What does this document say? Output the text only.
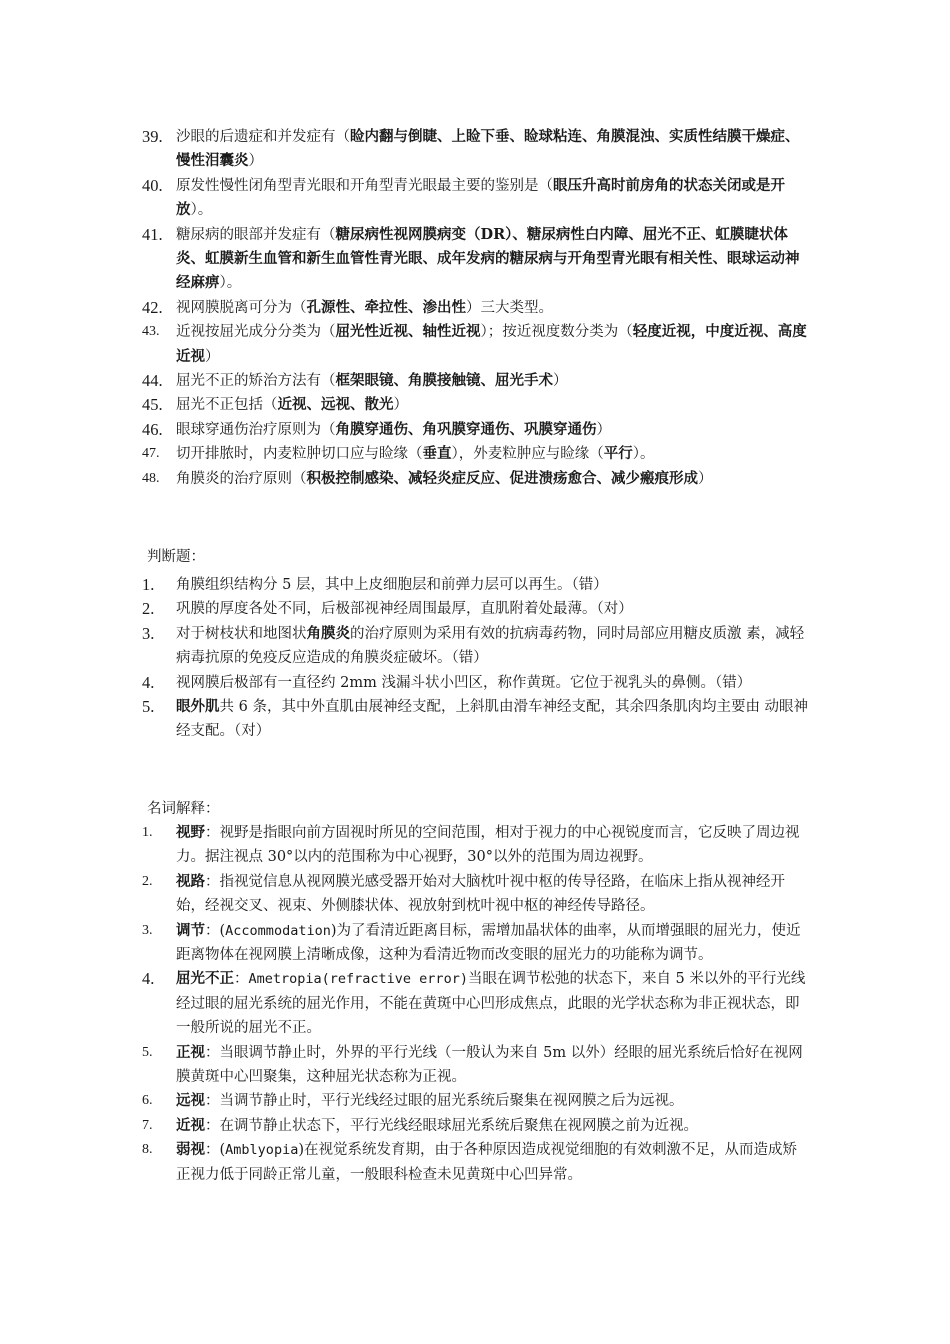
39. 沙眼的后遗症和并发症有（睑内翻与倒睫、上睑下垂、睑球粘连、角膜混浊、实质性结膜干燥症、慢性泪囊炎）

40. 原发性慢性闭角型青光眼和开角型青光眼最主要的鉴别是（眼压升高时前房角的状态关闭或是开放）。

41. 糖尿病的眼部并发症有（糖尿病性视网膜病变（DR）、糖尿病性白内障、屈光不正、虹膜睫状体炎、虹膜新生血管和新生血管性青光眼、成年发病的糖尿病与开角型青光眼有相关性、眼球运动神经麻痹）。

42. 视网膜脱离可分为（孔源性、牵拉性、渗出性）三大类型。

43. 近视按屈光成分分类为（屈光性近视、轴性近视）；按近视度数分类为（轻度近视，中度近视、高度近视）

44. 屈光不正的矫治方法有（框架眼镜、角膜接触镜、屈光手术）

45. 屈光不正包括（近视、远视、散光）

46. 眼球穿通伤治疗原则为（角膜穿通伤、角巩膜穿通伤、巩膜穿通伤）

47. 切开排脓时，内麦粒肿切口应与睑缘（垂直），外麦粒肿应与睑缘（平行）。

48. 角膜炎的治疗原则（积极控制感染、减轻炎症反应、促进溃疡愈合、减少瘢痕形成）

判断题：

1. 角膜组织结构分 5 层，其中上皮细胞层和前弹力层可以再生。（错）

2. 巩膜的厚度各处不同，后极部视神经周围最厚，直肌附着处最薄。（对）

3. 对于树枝状和地图状角膜炎的治疗原则为采用有效的抗病毒药物，同时局部应用糖皮质激 素，减轻病毒抗原的免疫反应造成的角膜炎症破坏。（错）

4. 视网膜后极部有一直径约 2mm 浅漏斗状小凹区，称作黄斑。它位于视乳头的鼻侧。（错）

5. 眼外肌共 6 条，其中外直肌由展神经支配，上斜肌由滑车神经支配，其余四条肌肉均主要由 动眼神经支配。（对）

名词解释：

1. 视野：视野是指眼向前方固视时所见的空间范围，相对于视力的中心视锐度而言，它反映了周边视力。据注视点 30°以内的范围称为中心视野，30°以外的范围为周边视野。

2. 视路：指视觉信息从视网膜光感受器开始对大脑枕叶视中枢的传导径路，在临床上指从视神经开始，经视交叉、视束、外侧膝状体、视放射到枕叶视中枢的神经传导路径。

3. 调节：(Accommodation)为了看清近距离目标，需增加晶状体的曲率，从而增强眼的屈光力，使近距离物体在视网膜上清晰成像，这种为看清近物而改变眼的屈光力的功能称为调节。

4. 屈光不正：Ametropia(refractive error)当眼在调节松弛的状态下，来自 5 米以外的平行光线经过眼的屈光系统的屈光作用，不能在黄斑中心凹形成焦点，此眼的光学状态称为非正视状态，即一般所说的屈光不正。

5. 正视：当眼调节静止时，外界的平行光线（一般认为来自 5m 以外）经眼的屈光系统后恰好在视网膜黄斑中心凹聚集，这种屈光状态称为正视。

6. 远视：当调节静止时，平行光线经过眼的屈光系统后聚集在视网膜之后为远视。

7. 近视：在调节静止状态下，平行光线经眼球屈光系统后聚焦在视网膜之前为近视。

8. 弱视：(Amblyopia)在视觉系统发育期，由于各种原因造成视觉细胞的有效刺激不足，从而造成矫正视力低于同龄正常儿童，一般眼科检查未见黄斑中心凹异常。
